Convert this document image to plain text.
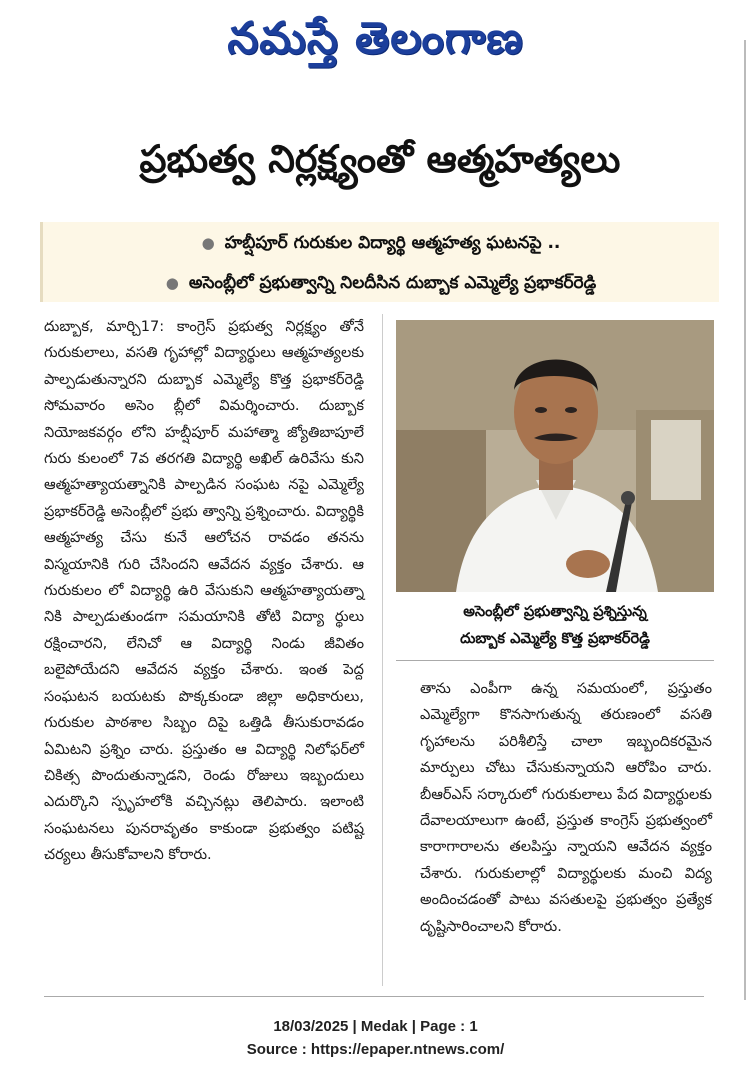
నమస్తే తెలంగాణ
ప్రభుత్వ నిర్లక్ష్యంతో ఆత్మహత్యలు
● హబ్షీపూర్ గురుకుల విద్యార్థి ఆత్మహత్య ఘటనపై ..
● అసెంబ్లీలో ప్రభుత్వాన్ని నిలదీసిన దుబ్బాక ఎమ్మెల్యే ప్రభాకర్‌రెడ్డి

దుబ్బాక, మార్చి17: కాంగ్రెస్ ప్రభుత్వ నిర్లక్ష్యం తోనే గురుకులాలు, వసతి గృహాల్లో విద్యార్థులు ఆత్మహత్యలకు పాల్పడుతున్నారని దుబ్బాక ఎమ్మెల్యే కొత్త ప్రభాకర్‌రెడ్డి సోమవారం అసెం బ్లీలో విమర్శించారు. దుబ్బాక నియోజకవర్గం లోని హబ్షీపూర్ మహాత్మా జ్యోతిబాపూలే గురు కులంలో 7వ తరగతి విద్యార్థి అఖిల్ ఉరివేసు కుని ఆత్మహత్యాయత్నానికి పాల్పడిన సంఘట నపై ఎమ్మెల్యే ప్రభాకర్‌రెడ్డి అసెంబ్లీలో ప్రభు త్వాన్ని ప్రశ్నించారు. విద్యార్థికి ఆత్మహత్య చేసు కునే ఆలోచన రావడం తనను విస్మయానికి గురి చేసిందని ఆవేదన వ్యక్తం చేశారు. ఆ గురుకులం లో విద్యార్థి ఉరి వేసుకుని ఆత్మహత్యాయత్నా నికి పాల్పడుతుండగా సమయానికి తోటి విద్యా ర్థులు రక్షించారని, లేనిచో ఆ విద్యార్థి నిండు జీవితం బలైపోయేదని ఆవేదన వ్యక్తం చేశారు. ఇంత పెద్ద సంఘటన బయటకు పొక్కకుండా జిల్లా అధికారులు, గురుకుల పాఠశాల సిబ్బం దిపై ఒత్తిడి తీసుకురావడం ఏమిటని ప్రశ్నిం చారు. ప్రస్తుతం ఆ విద్యార్థి నిలోఫర్‌లో చికిత్స పొందుతున్నాడని, రెండు రోజులు ఇబ్బందులు ఎదుర్కొని స్పృహలోకి వచ్చినట్లు తెలిపారు. ఇలాంటి సంఘటనలు పునరావృతం కాకుండా ప్రభుత్వం పటిష్ట చర్యలు తీసుకోవాలని కోరారు.

అసెంబ్లీలో ప్రభుత్వాన్ని ప్రశ్నిస్తున్న
దుబ్బాక ఎమ్మెల్యే కొత్త ప్రభాకర్‌రెడ్డి

తాను ఎంపీగా ఉన్న సమయంలో, ప్రస్తుతం ఎమ్మెల్యేగా కొనసాగుతున్న తరుణంలో వసతి గృహాలను పరిశీలిస్తే చాలా ఇబ్బందికరమైన మార్పులు చోటు చేసుకున్నాయని ఆరోపిం చారు. బీఆర్‌ఎస్ సర్కారులో గురుకులాలు పేద విద్యార్థులకు దేవాలయాలుగా ఉంటే, ప్రస్తుత కాంగ్రెస్ ప్రభుత్వంలో కారాగారాలను తలపిస్తు న్నాయని ఆవేదన వ్యక్తం చేశారు. గురుకులాల్లో విద్యార్థులకు మంచి విద్య అందించడంతో పాటు వసతులపై ప్రభుత్వం ప్రత్యేక దృష్టిసారించాలని కోరారు.

18/03/2025 | Medak | Page : 1
Source : https://epaper.ntnews.com/
